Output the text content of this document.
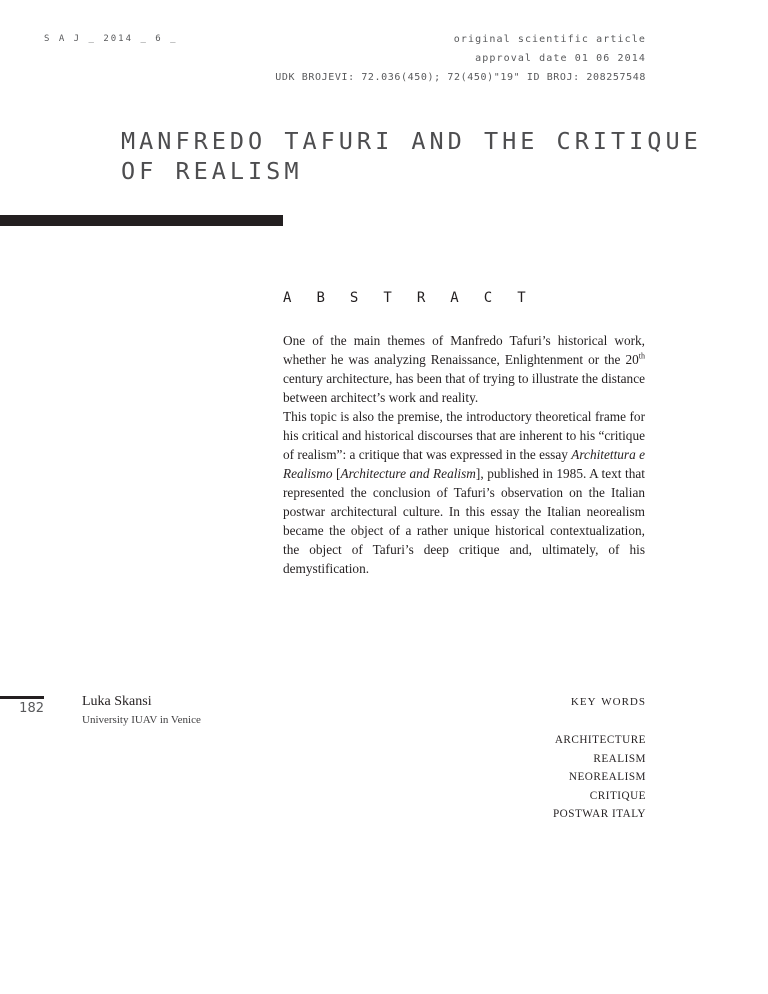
S A J _ 2014 _ 6 _	original scientific article
approval date 01 06 2014
UDK BROJEVI: 72.036(450); 72(450)"19" ID BROJ: 208257548
MANFREDO TAFURI AND THE CRITIQUE
OF REALISM
A B S T R A C T

One of the main themes of Manfredo Tafuri’s historical work, whether he was analyzing Renaissance, Enlightenment or the 20th century architecture, has been that of trying to illustrate the distance between architect’s work and reality.

This topic is also the premise, the introductory theoretical frame for his critical and historical discourses that are inherent to his “critique of realism”: a critique that was expressed in the essay Architettura e Realismo [Architecture and Realism], published in 1985. A text that represented the conclusion of Tafuri’s observation on the Italian postwar architectural culture. In this essay the Italian neorealism became the object of a rather unique historical contextualization, the object of Tafuri’s deep critique and, ultimately, of his demystification.

182	Luka Skansi
University IUAV in Venice
key words
ARCHITECTURE
REALISM
NEOREALISM
CRITIQUE
POSTWAR ITALY
